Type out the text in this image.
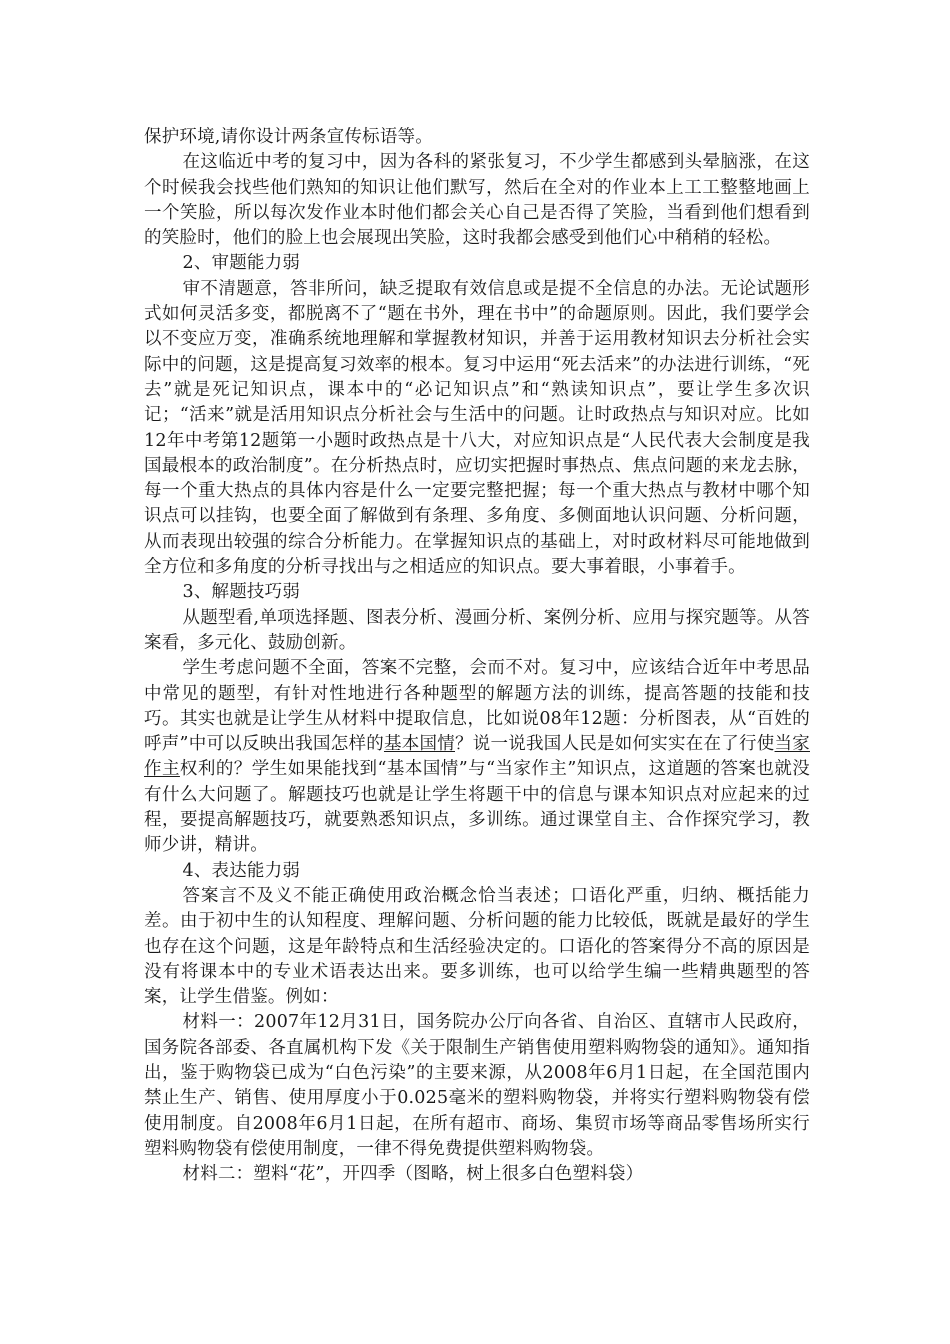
保护环境,请你设计两条宣传标语等。

在这临近中考的复习中，因为各科的紧张复习，不少学生都感到头晕脑涨，在这个时候我会找些他们熟知的知识让他们默写，然后在全对的作业本上工工整整地画上一个笑脸，所以每次发作业本时他们都会关心自己是否得了笑脸，当看到他们想看到的笑脸时，他们的脸上也会展现出笑脸，这时我都会感受到他们心中稍稍的轻松。

2、审题能力弱

审不清题意，答非所问，缺乏提取有效信息或是提不全信息的办法。无论试题形式如何灵活多变，都脱离不了“题在书外，理在书中”的命题原则。因此，我们要学会以不变应万变，准确系统地理解和掌握教材知识，并善于运用教材知识去分析社会实际中的问题，这是提高复习效率的根本。复习中运用“死去活来”的办法进行训练，“死去”就是死记知识点，课本中的“必记知识点”和“熟读知识点”，要让学生多次识记；“活来”就是活用知识点分析社会与生活中的问题。让时政热点与知识对应。比如12年中考第12题第一小题时政热点是十八大，对应知识点是“人民代表大会制度是我国最根本的政治制度”。在分析热点时，应切实把握时事热点、焦点问题的来龙去脉，每一个重大热点的具体内容是什么一定要完整把握；每一个重大热点与教材中哪个知识点可以挂钩，也要全面了解做到有条理、多角度、多侧面地认识问题、分析问题，从而表现出较强的综合分析能力。在掌握知识点的基础上，对时政材料尽可能地做到全方位和多角度的分析寻找出与之相适应的知识点。要大事着眼，小事着手。

3、解题技巧弱

从题型看,单项选择题、图表分析、漫画分析、案例分析、应用与探究题等。从答案看，多元化、鼓励创新。

学生考虑问题不全面，答案不完整，会而不对。复习中，应该结合近年中考思品中常见的题型，有针对性地进行各种题型的解题方法的训练，提高答题的技能和技巧。其实也就是让学生从材料中提取信息，比如说08年12题：分析图表，从“百姓的呼声”中可以反映出我国怎样的基本国情？说一说我国人民是如何实实在在了行使当家作主权利的？学生如果能找到“基本国情”与“当家作主”知识点，这道题的答案也就没有什么大问题了。解题技巧也就是让学生将题干中的信息与课本知识点对应起来的过程，要提高解题技巧，就要熟悉知识点，多训练。通过课堂自主、合作探究学习，教师少讲，精讲。

4、表达能力弱

答案言不及义不能正确使用政治概念恰当表述；口语化严重，归纳、概括能力差。由于初中生的认知程度、理解问题、分析问题的能力比较低，既就是最好的学生也存在这个问题，这是年龄特点和生活经验决定的。口语化的答案得分不高的原因是没有将课本中的专业术语表达出来。要多训练，也可以给学生编一些精典题型的答案，让学生借鉴。例如：

材料一：2007年12月31日，国务院办公厅向各省、自治区、直辖市人民政府，国务院各部委、各直属机构下发《关于限制生产销售使用塑料购物袋的通知》。通知指出，鉴于购物袋已成为“白色污染”的主要来源，从2008年6月1日起，在全国范围内禁止生产、销售、使用厚度小于0.025毫米的塑料购物袋，并将实行塑料购物袋有偿使用制度。自2008年6月1日起，在所有超市、商场、集贸市场等商品零售场所实行塑料购物袋有偿使用制度，一律不得免费提供塑料购物袋。

材料二：塑料“花”，开四季（图略，树上很多白色塑料袋）
